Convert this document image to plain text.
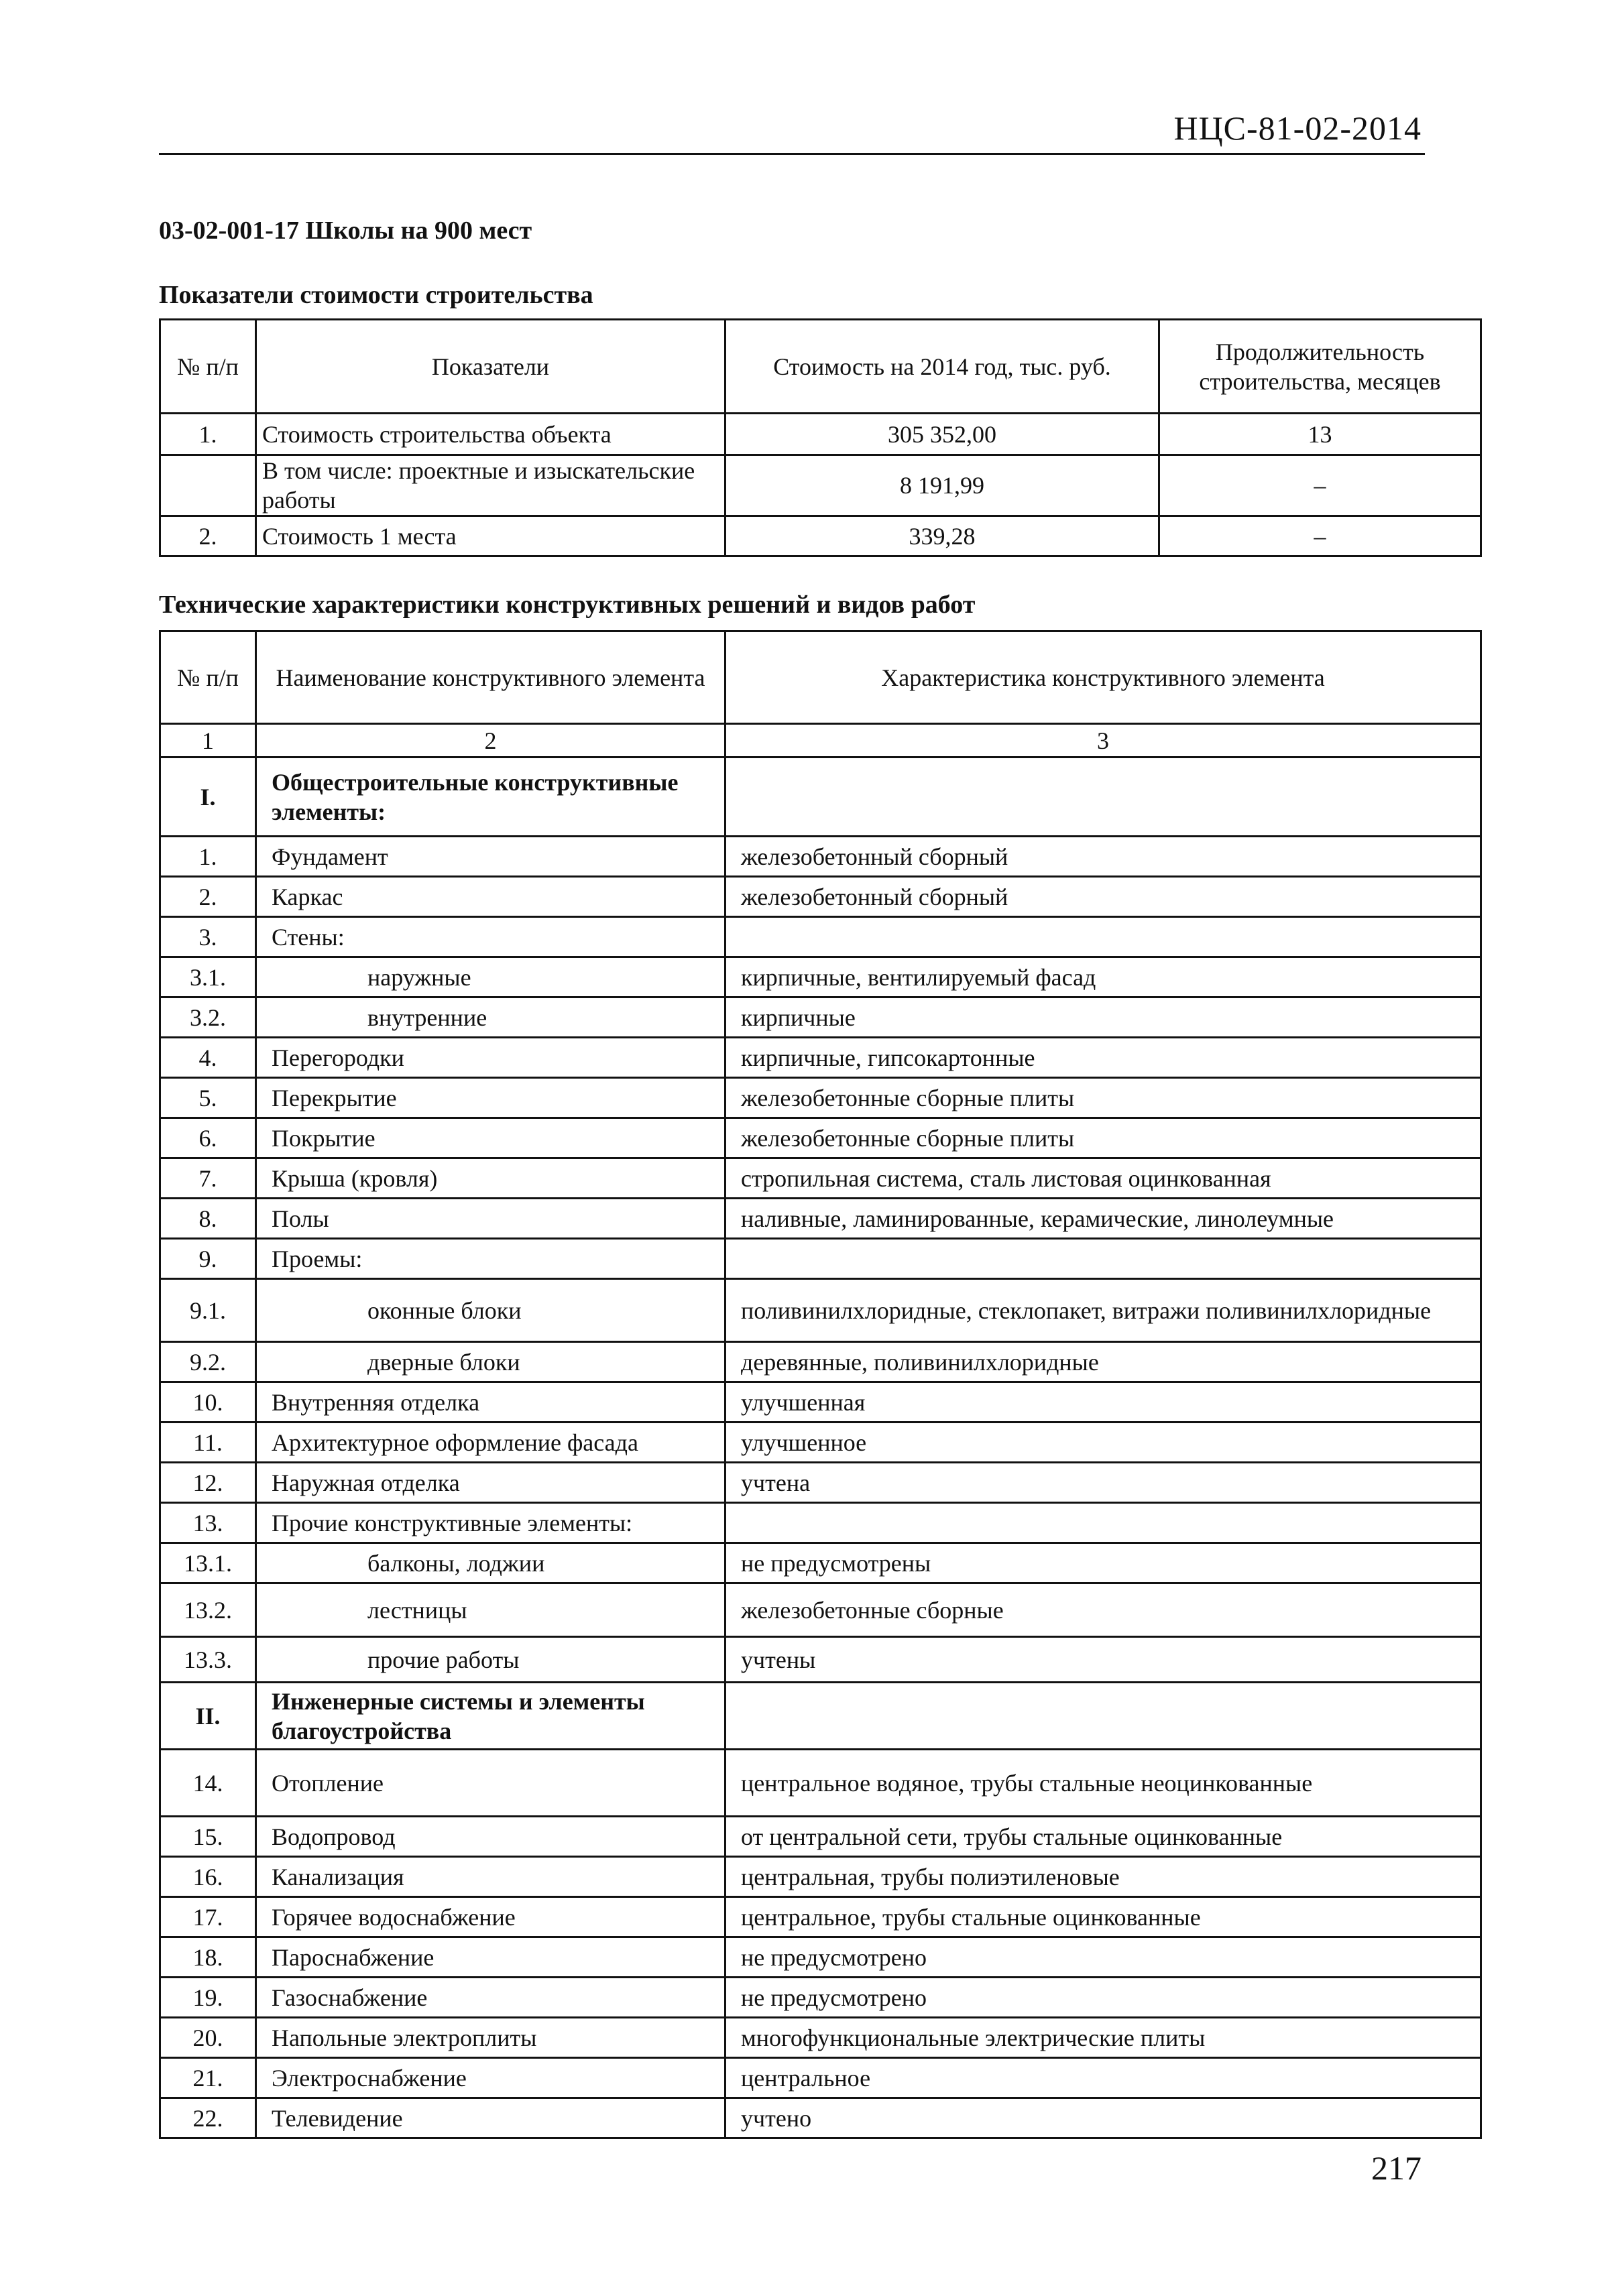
НЦС-81-02-2014
03-02-001-17 Школы на 900 мест
Показатели стоимости строительства
№ п/п	Показатели	Стоимость на 2014 год, тыс. руб.	Продолжительность строительства, месяцев
1.	Стоимость строительства объекта	305 352,00	13
	В том числе: проектные и изыскательские работы	8 191,99	–
2.	Стоимость 1 места	339,28	–
Технические характеристики конструктивных решений и видов работ
№ п/п	Наименование конструктивного элемента	Характеристика конструктивного элемента
1	2	3
I.	Общестроительные конструктивные элементы:	

1.	Фундамент	железобетонный сборный
2.	Каркас	железобетонный сборный
3.	Стены:	
3.1.	наружные	кирпичные, вентилируемый фасад
3.2.	внутренние	кирпичные
4.	Перегородки	кирпичные, гипсокартонные
5.	Перекрытие	железобетонные сборные плиты
6.	Покрытие	железобетонные сборные плиты
7.	Крыша (кровля)	стропильная система, сталь листовая оцинкованная
8.	Полы	наливные, ламинированные, керамические, линолеумные
9.	Проемы:	
9.1.	оконные блоки	поливинилхлоридные, стеклопакет, витражи поливинилхлоридные
9.2.	дверные блоки	деревянные, поливинилхлоридные
10.	Внутренняя отделка	улучшенная
11.	Архитектурное оформление фасада	улучшенное
12.	Наружная отделка	учтена
13.	Прочие конструктивные элементы:	
13.1.	балконы, лоджии	не предусмотрены
13.2.	лестницы	железобетонные сборные
13.3.	прочие работы	учтены
II.	Инженерные системы и элементы благоустройства	
14.	Отопление	центральное водяное, трубы стальные неоцинкованные
15.	Водопровод	от центральной сети, трубы стальные оцинкованные
16.	Канализация	центральная, трубы полиэтиленовые
17.	Горячее водоснабжение	центральное, трубы стальные оцинкованные
18.	Пароснабжение	не предусмотрено
19.	Газоснабжение	не предусмотрено
20.	Напольные электроплиты	многофункциональные электрические плиты
21.	Электроснабжение	центральное
22.	Телевидение	учтено
217
